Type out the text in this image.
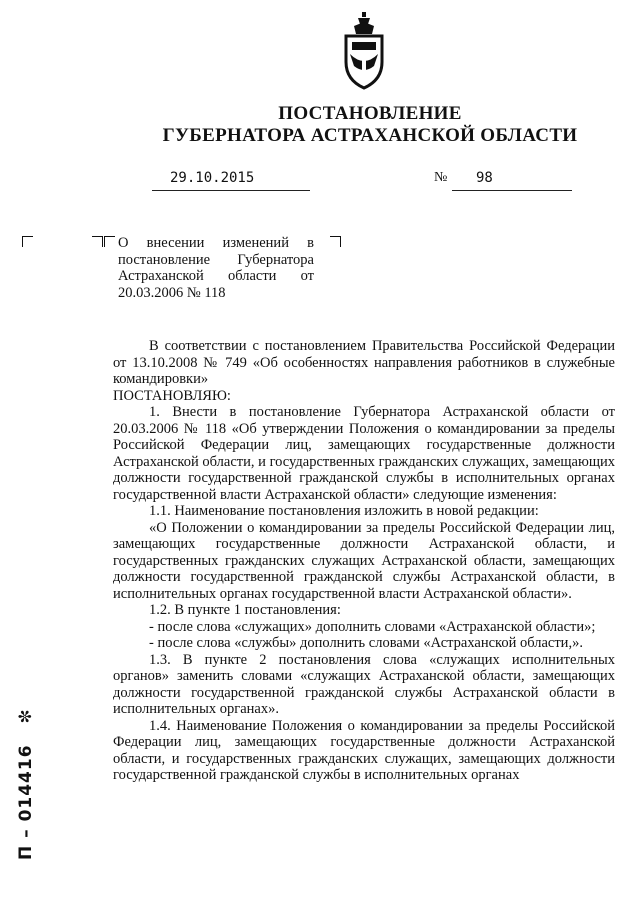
ПОСТАНОВЛЕНИЕ
ГУБЕРНАТОРА АСТРАХАНСКОЙ ОБЛАСТИ
29.10.2015	№ 98
О внесении изменений в постановление Губернатора Астраханской области от 20.03.2006 № 118

В соответствии с постановлением Правительства Российской Федерации от 13.10.2008 № 749 «Об особенностях направления работников в служебные командировки»

ПОСТАНОВЛЯЮ:

1. Внести в постановление Губернатора Астраханской области от 20.03.2006 № 118 «Об утверждении Положения о командировании за пределы Российской Федерации лиц, замещающих государственные должности Астраханской области, и государственных гражданских служащих, замещающих должности государственной гражданской службы в исполнительных органах государственной власти Астраханской области» следующие изменения:

1.1. Наименование постановления изложить в новой редакции:

«О Положении о командировании за пределы Российской Федерации лиц, замещающих государственные должности Астраханской области, и государственных гражданских служащих Астраханской области, замещающих должности государственной гражданской службы Астраханской области, в исполнительных органах государственной власти Астраханской области».

1.2. В пункте 1 постановления:

- после слова «служащих» дополнить словами «Астраханской области»;

- после слова «службы» дополнить словами «Астраханской области,».

1.3. В пункте 2 постановления слова «служащих исполнительных органов» заменить словами «служащих Астраханской области, замещающих должности государственной гражданской службы Астраханской области в исполнительных органах».

1.4. Наименование Положения о командировании за пределы Российской Федерации лиц, замещающих государственные должности Астраханской области, и государственных гражданских служащих, замещающих должности государственной гражданской службы в исполнительных органах

П – 014416 ✼
